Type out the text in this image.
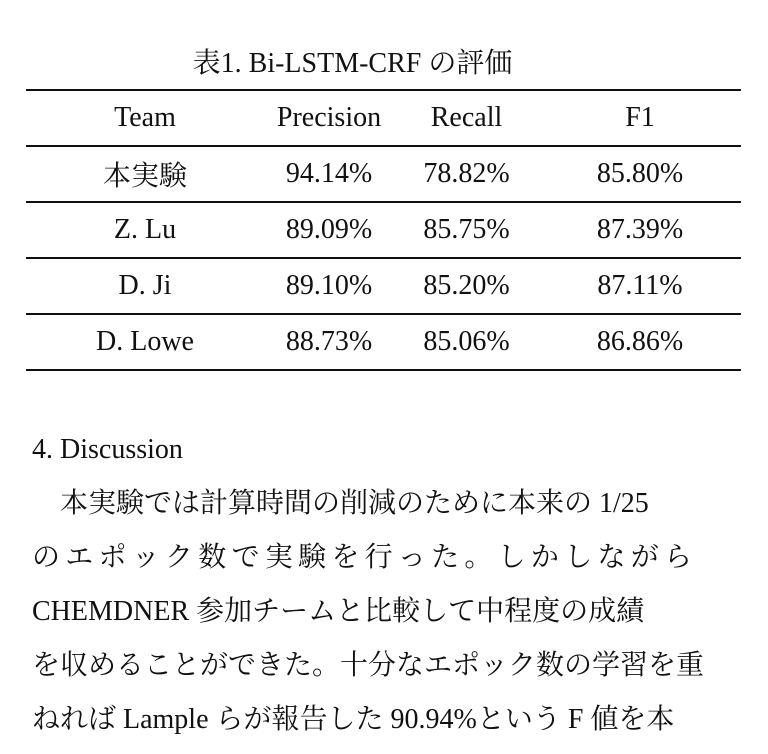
表1. Bi-LSTM-CRF の評価
Team	Precision	Recall	F1
本実験	94.14%	78.82%	85.80%
Z. Lu	89.09%	85.75%	87.39%
D. Ji	89.10%	85.20%	87.11%
D. Lowe	88.73%	85.06%	86.86%
4. Discussion
　本実験では計算時間の削減のために本来の 1/25
のエポック数で実験を行った。しかしながら
CHEMDNER 参加チームと比較して中程度の成績
を収めることができた。十分なエポック数の学習を重
ねれば Lample らが報告した 90.94%という F 値を本
